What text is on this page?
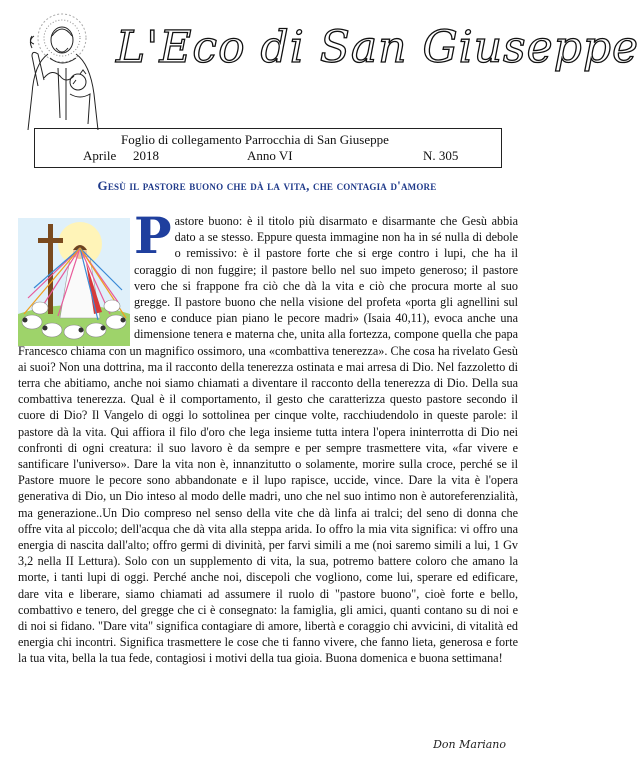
L'Eco di San Giuseppe
Foglio di collegamento Parrocchia di San Giuseppe
Aprile 2018	Anno VI	N. 305
Gesù il pastore buono che dà la vita, che contagia d'amore
P astore buono: è il titolo più disarmato e disarmante che Gesù abbia dato a se stesso. Eppure questa immagine non ha in sé nulla di debole o remissivo: è il pastore forte che si erge contro i lupi, che ha il coraggio di non fuggire; il pastore bello nel suo impeto generoso; il pastore vero che si frappone fra ciò che dà la vita e ciò che procura morte al suo gregge. Il pastore buono che nella visione del profeta «porta gli agnellini sul seno e conduce pian piano le pecore madri» (Isaia 40,11), evoca anche una dimensione tenera e materna che, unita alla fortezza, compone quella che papa Francesco chiama con un magnifico ossimoro, una «combattiva tenerezza». Che cosa ha rivelato Gesù ai suoi? Non una dottrina, ma il racconto della tenerezza ostinata e mai arresa di Dio. Nel fazzoletto di terra che abitiamo, anche noi siamo chiamati a diventare il racconto della tenerezza di Dio. Della sua combattiva tenerezza. Qual è il comportamento, il gesto che caratterizza questo pastore secondo il cuore di Dio? Il Vangelo di oggi lo sottolinea per cinque volte, racchiudendolo in queste parole: il pastore dà la vita. Qui affiora il filo d'oro che lega insieme tutta intera l'opera ininterrotta di Dio nei confronti di ogni creatura: il suo lavoro è da sempre e per sempre trasmettere vita, «far vivere e santificare l'universo». Dare la vita non è, innanzitutto o solamente, morire sulla croce, perché se il Pastore muore le pecore sono abbandonate e il lupo rapisce, uccide, vince. Dare la vita è l'opera generativa di Dio, un Dio inteso al modo delle madri, uno che nel suo intimo non è autoreferenzialità, ma generazione..Un Dio compreso nel senso della vite che dà linfa ai tralci; del seno di donna che offre vita al piccolo; dell'acqua che dà vita alla steppa arida. Io offro la mia vita significa: vi offro una energia di nascita dall'alto; offro germi di divinità, per farvi simili a me (noi saremo simili a lui, 1 Gv 3,2 nella II Lettura). Solo con un supplemento di vita, la sua, potremo battere coloro che amano la morte, i tanti lupi di oggi. Perché anche noi, discepoli che vogliono, come lui, sperare ed edificare, dare vita e liberare, siamo chiamati ad assumere il ruolo di "pastore buono", cioè forte e bello, combattivo e tenero, del gregge che ci è consegnato: la famiglia, gli amici, quanti contano su di noi e di noi si fidano. "Dare vita" significa contagiare di amore, libertà e coraggio chi avvicini, di vitalità ed energia chi incontri. Significa trasmettere le cose che ti fanno vivere, che fanno lieta, generosa e forte la tua vita, bella la tua fede, contagiosi i motivi della tua gioia. Buona domenica e buona settimana!
Don Mariano
